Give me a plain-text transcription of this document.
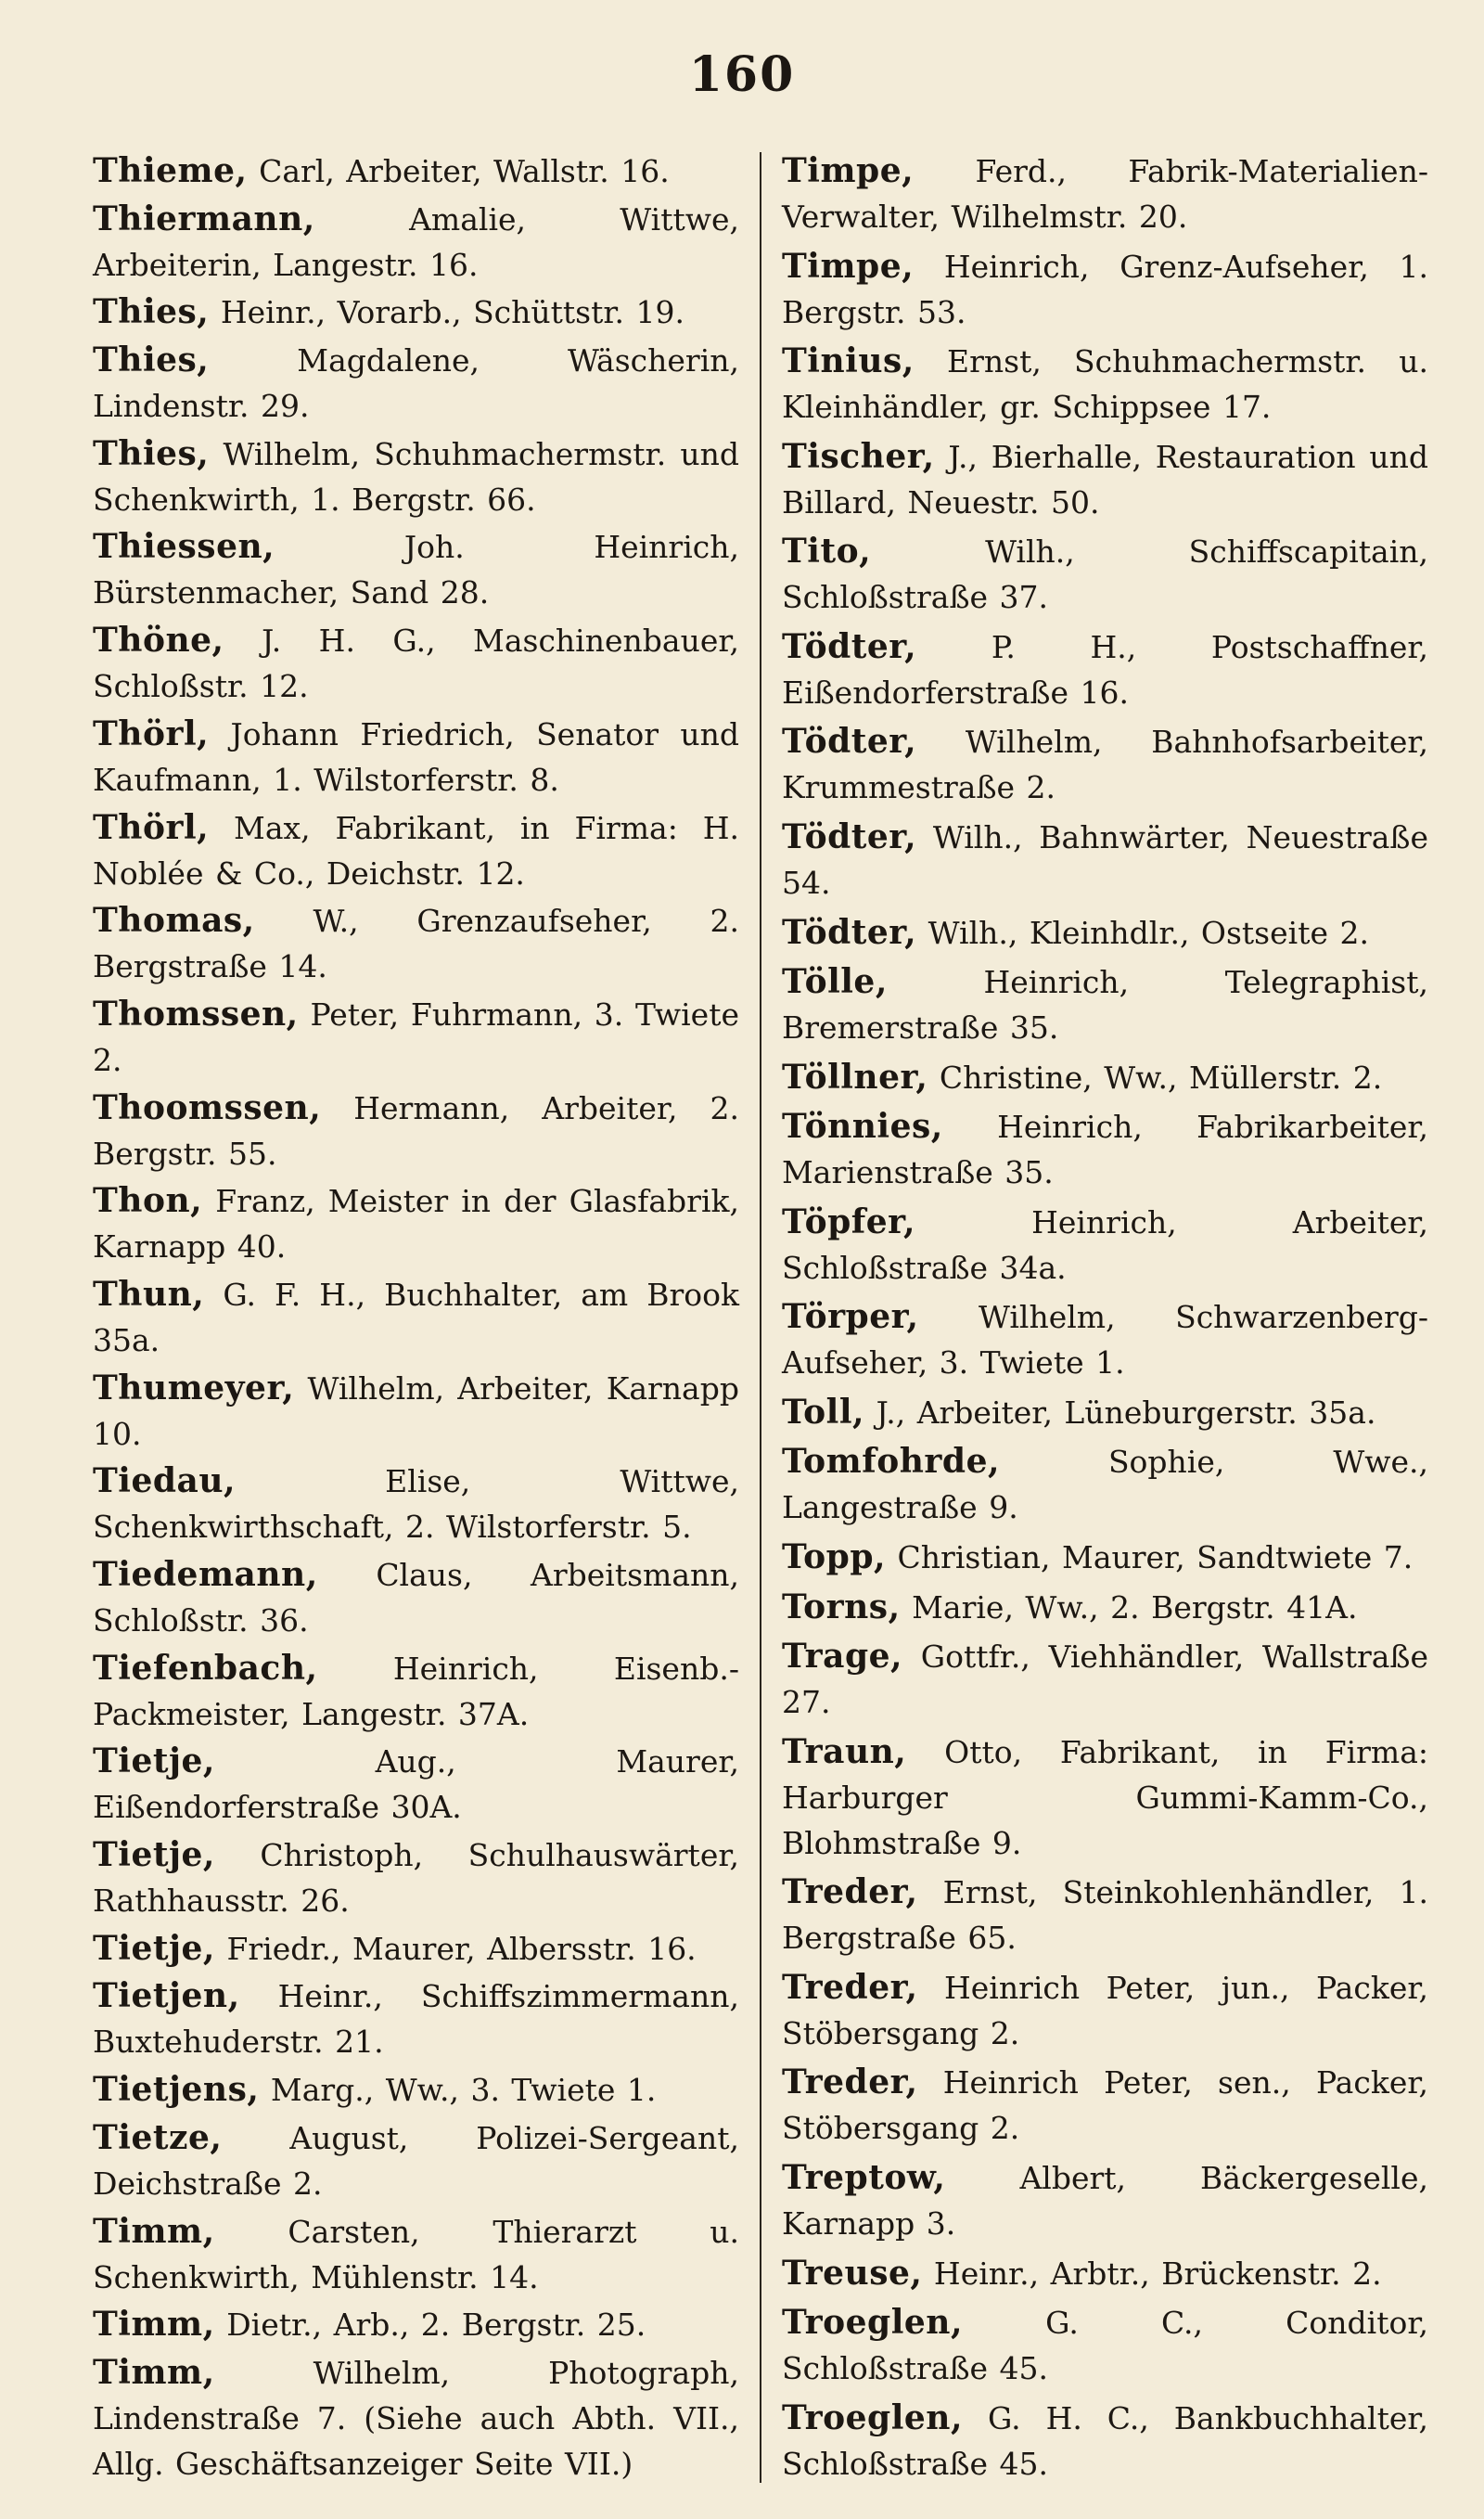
160
Thieme, Carl, Arbeiter, Wallstr. 16.
Thiermann,	Amalie, Wittwe, Arbeiterin, Langestr. 16.
Thies, Heinr., Vorarb., Schüttstr. 19.
Thies,	Magdalene, Wäscherin, Lindenstr. 29.
Thies, Wilhelm, Schuhmachermstr. und Schenkwirth, 1. Bergstr. 66.
Thiessen,	Joh. Heinrich, Bürstenmacher, Sand 28.
Thöne, J. H. G., Maschinenbauer, Schloßstr. 12.
Thörl, Johann Friedrich, Senator und Kaufmann, 1. Wilstorferstr. 8.
Thörl, Max, Fabrikant, in Firma: H. Noblée & Co., Deichstr. 12.
Thomas, W., Grenzaufseher, 2. Bergstraße 14.
Thomssen, Peter, Fuhrmann, 3. Twiete 2.
Thoomssen, Hermann, Arbeiter, 2. Bergstr. 55.
Thon, Franz, Meister in der Glasfabrik, Karnapp 40.
Thun, G. F. H., Buchhalter, am Brook 35a.
Thumeyer, Wilhelm, Arbeiter, Karnapp 10.
Tiedau,	Elise, Wittwe, Schenkwirthschaft, 2. Wilstorferstr. 5.
Tiedemann, Claus, Arbeitsmann, Schloßstr. 36.
Tiefenbach, Heinrich, Eisenb.-Packmeister, Langestr. 37A.
Tietje,	Aug., Maurer, Eißendorferstraße 30A.
Tietje, Christoph, Schulhauswärter, Rathhausstr. 26.
Tietje, Friedr., Maurer, Albersstr. 16.
Tietjen, Heinr., Schiffszimmermann, Buxtehuderstr. 21.
Tietjens, Marg., Ww., 3. Twiete 1.
Tietze, August, Polizei-Sergeant, Deichstraße 2.
Timm, Carsten, Thierarzt u. Schenkwirth, Mühlenstr. 14.
Timm, Dietr., Arb., 2. Bergstr. 25.
Timm,	Wilhelm, Photograph, Lindenstraße 7. (Siehe auch Abth. VII., Allg. Geschäftsanzeiger Seite VII.)
Timpe, Ferd., Fabrik-Materialien-Verwalter, Wilhelmstr. 20.
Timpe, Heinrich, Grenz-Aufseher, 1. Bergstr. 53.
Tinius, Ernst, Schuhmachermstr. u. Kleinhändler, gr. Schippsee 17.
Tischer, J., Bierhalle, Restauration und Billard, Neuestr. 50.
Tito,	Wilh., Schiffscapitain, Schloßstraße 37.
Tödter, P. H., Postschaffner, Eißendorferstraße 16.
Tödter, Wilhelm, Bahnhofsarbeiter, Krummestraße 2.
Tödter, Wilh., Bahnwärter, Neuestraße 54.
Tödter, Wilh., Kleinhdlr., Ostseite 2.
Tölle,	Heinrich, Telegraphist, Bremerstraße 35.
Töllner, Christine, Ww., Müllerstr. 2.
Tönnies, Heinrich, Fabrikarbeiter, Marienstraße 35.
Töpfer,	Heinrich, Arbeiter, Schloßstraße 34a.
Törper, Wilhelm, Schwarzenberg-Aufseher, 3. Twiete 1.
Toll, J., Arbeiter, Lüneburgerstr. 35a.
Tomfohrde,	Sophie, Wwe., Langestraße 9.
Topp, Christian, Maurer, Sandtwiete 7.
Torns, Marie, Ww., 2. Bergstr. 41A.
Trage, Gottfr., Viehhändler, Wallstraße 27.
Traun, Otto, Fabrikant, in Firma: Harburger Gummi-Kamm-Co., Blohmstraße 9.
Treder, Ernst, Steinkohlenhändler, 1. Bergstraße 65.
Treder, Heinrich Peter, jun., Packer, Stöbersgang 2.
Treder, Heinrich Peter, sen., Packer, Stöbersgang 2.
Treptow, Albert, Bäckergeselle, Karnapp 3.
Treuse, Heinr., Arbtr., Brückenstr. 2.
Troeglen,	G. C., Conditor, Schloßstraße 45.
Troeglen, G. H. C., Bankbuchhalter, Schloßstraße 45.
